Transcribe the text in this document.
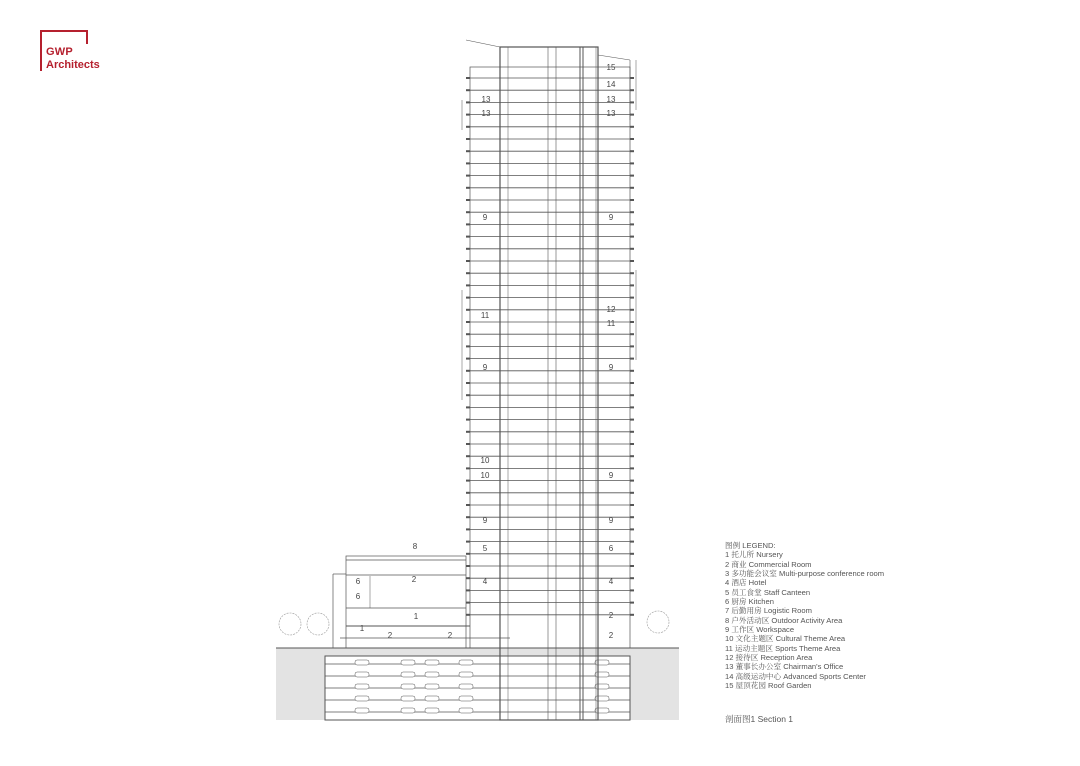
GWP
Architects
13
13
9
11
9
10
10
9
5
4
15
14
13
13
9
12
11
9
9
9
6
4
2
8
6
6
2
1
2	2
1
2
图例 LEGEND:
1 托儿所 Nursery
2 商业 Commercial Room
3 多功能会议室 Multi-purpose conference room
4 酒店 Hotel
5 员工食堂 Staff Canteen
6 厨房 Kitchen
7 后勤用房 Logistic Room
8 户外活动区 Outdoor Activity Area
9 工作区 Workspace
10 文化主题区 Cultural Theme Area
11 运动主题区 Sports Theme Area
12 接待区 Reception Area
13 董事长办公室 Chairman's Office
14 高级运动中心 Advanced Sports Center
15 屋顶花园 Roof Garden
剖面图1 Section 1
